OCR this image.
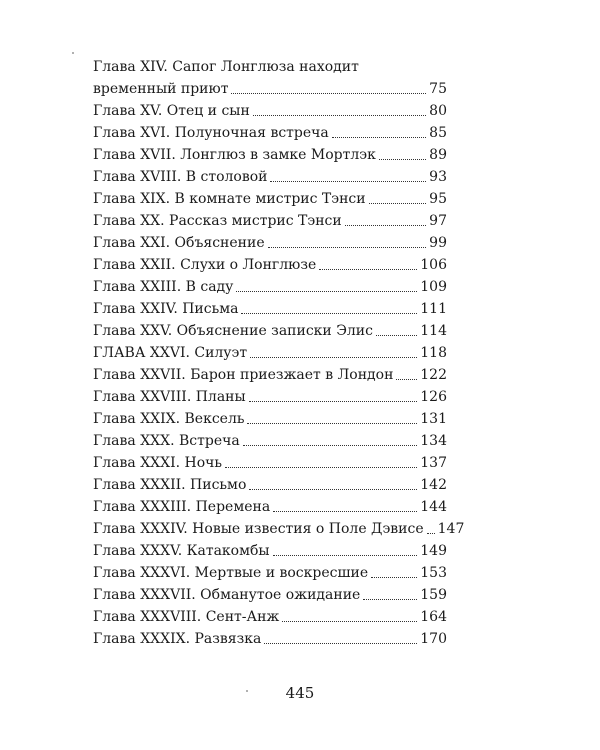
Глава XIV. Сапог Лонглюза находит
временный приют	75
Глава XV. Отец и сын	80
Глава XVI. Полуночная встреча	85
Глава XVII. Лонглюз в замке Мортлэк	89
Глава XVIII. В столовой	93
Глава XIX. В комнате мистрис Тэнси	95
Глава XX. Рассказ мистрис Тэнси	97
Глава XXI. Объяснение	99
Глава XXII. Слухи о Лонглюзе	106
Глава XXIII. В саду	109
Глава XXIV. Письма	111
Глава XXV. Объяснение записки Элис	114
ГЛАВА XXVI. Силуэт	118
Глава XXVII. Барон приезжает в Лондон 122
Глава XXVIII. Планы	126
Глава XXIX. Вексель	131
Глава XXX. Встреча	134
Глава XXXI. Ночь	137
Глава XXXII. Письмо	142
Глава XXXIII. Перемена	144
Глава XXXIV. Новые известия о Поле Дэвисе 147
Глава XXXV. Катакомбы	149
Глава XXXVI. Мертвые и воскресшие	153
Глава XXXVII. Обманутое ожидание	159
Глава XXXVIII. Сент-Анж	164
Глава XXXIX. Развязка	170
445
